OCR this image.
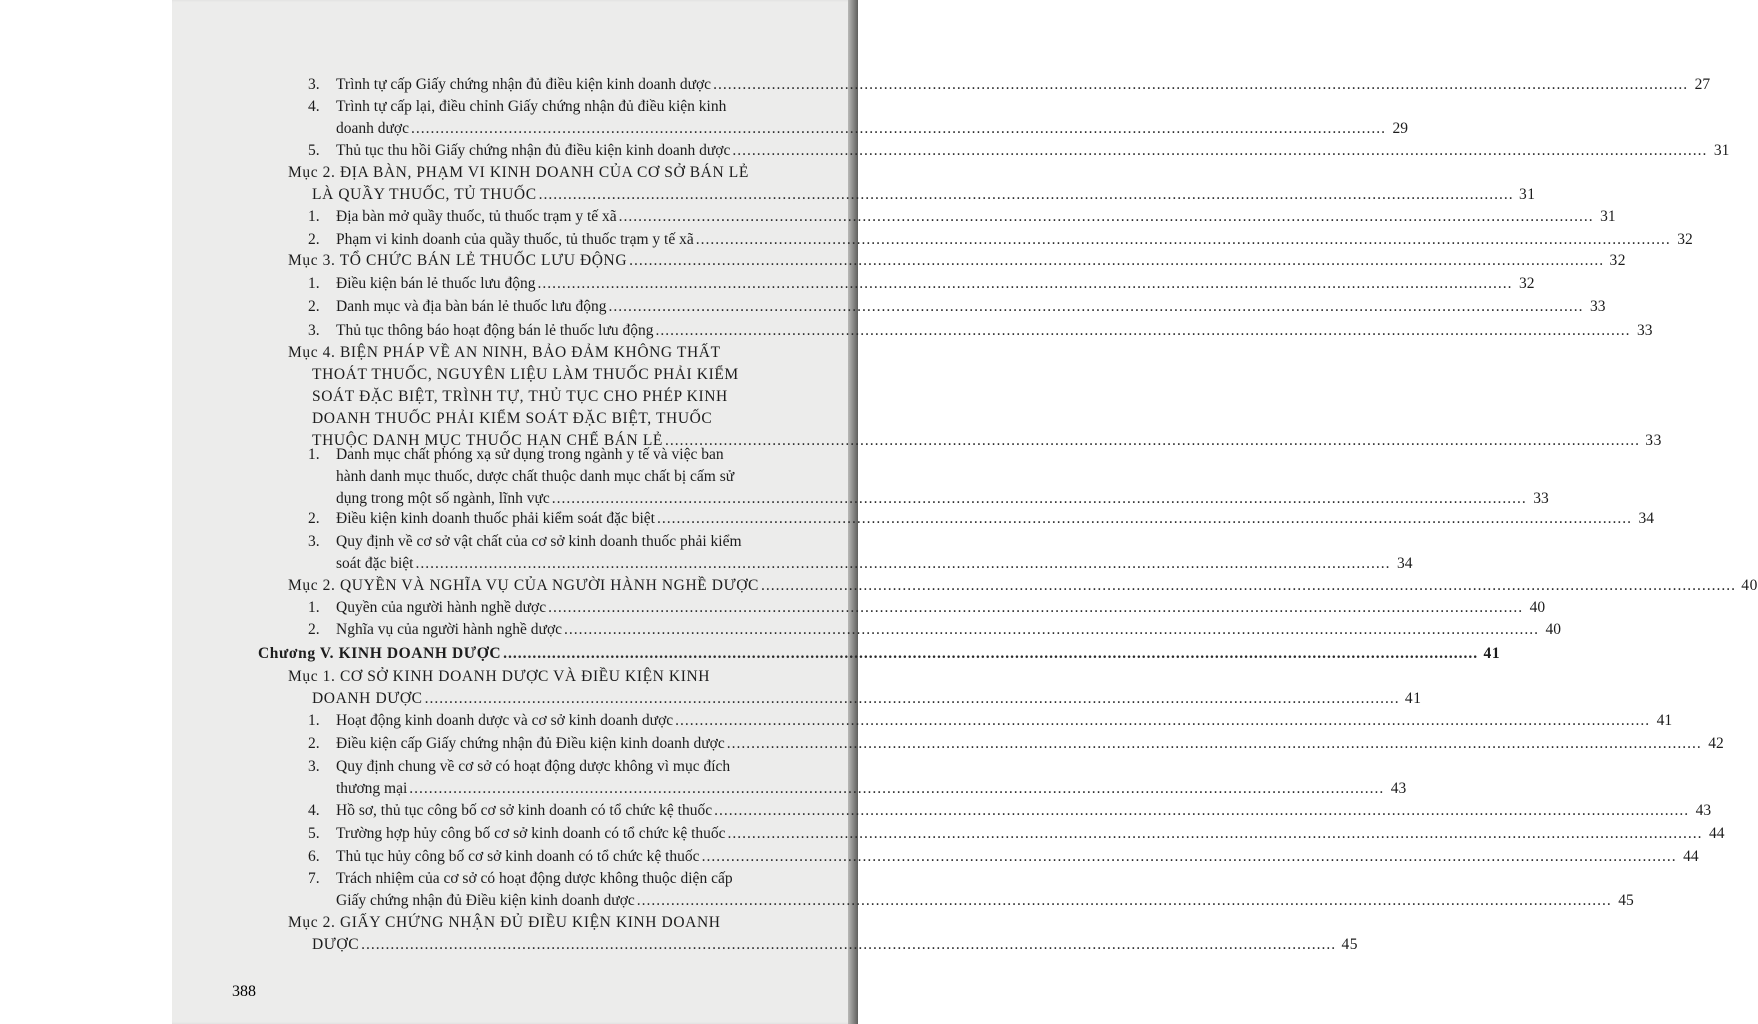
3.	Trình tự cấp Giấy chứng nhận đủ điều kiện kinh doanh dược ........................................................................................................................................................................................................ 27
4.	Trình tự cấp lại, điều chỉnh Giấy chứng nhận đủ điều kiện kinh
doanh dược ........................................................................................................................................................................................................ 29
5.	Thủ tục thu hồi Giấy chứng nhận đủ điều kiện kinh doanh dược ........................................................................................................................................................................................................ 31
Mục 2. ĐỊA BÀN, PHẠM VI KINH DOANH CỦA CƠ SỞ BÁN LẺ
LÀ QUẦY THUỐC, TỦ THUỐC ........................................................................................................................................................................................................ 31
1.	Địa bàn mở quầy thuốc, tủ thuốc trạm y tế xã ........................................................................................................................................................................................................ 31
2.	Phạm vi kinh doanh của quầy thuốc, tủ thuốc trạm y tế xã ........................................................................................................................................................................................................ 32
Mục 3. TỔ CHỨC BÁN LẺ THUỐC LƯU ĐỘNG ........................................................................................................................................................................................................ 32
1.	Điều kiện bán lẻ thuốc lưu động ........................................................................................................................................................................................................ 32
2.	Danh mục và địa bàn bán lẻ thuốc lưu động ........................................................................................................................................................................................................ 33
3.	Thủ tục thông báo hoạt động bán lẻ thuốc lưu động ........................................................................................................................................................................................................ 33
Mục 4. BIỆN PHÁP VỀ AN NINH, BẢO ĐẢM KHÔNG THẤT
THOÁT THUỐC, NGUYÊN LIỆU LÀM THUỐC PHẢI KIỂM
SOÁT ĐẶC BIỆT, TRÌNH TỰ, THỦ TỤC CHO PHÉP KINH
DOANH THUỐC PHẢI KIỂM SOÁT ĐẶC BIỆT, THUỐC
THUỘC DANH MỤC THUỐC HẠN CHẾ BÁN LẺ ........................................................................................................................................................................................................ 33
1.	Danh mục chất phóng xạ sử dụng trong ngành y tế và việc ban
hành danh mục thuốc, dược chất thuộc danh mục chất bị cấm sử
dụng trong một số ngành, lĩnh vực ........................................................................................................................................................................................................ 33
2.	Điều kiện kinh doanh thuốc phải kiểm soát đặc biệt ........................................................................................................................................................................................................ 34
3.	Quy định về cơ sở vật chất của cơ sở kinh doanh thuốc phải kiểm
soát đặc biệt ........................................................................................................................................................................................................ 34
Mục 2. QUYỀN VÀ NGHĨA VỤ CỦA NGƯỜI HÀNH NGHỀ DƯỢC ........................................................................................................................................................................................................ 40
1.	Quyền của người hành nghề dược ........................................................................................................................................................................................................ 40
2.	Nghĩa vụ của người hành nghề dược ........................................................................................................................................................................................................ 40
Chương V. KINH DOANH DƯỢC ........................................................................................................................................................................................................ 41
Mục 1. CƠ SỞ KINH DOANH DƯỢC VÀ ĐIỀU KIỆN KINH
DOANH DƯỢC ........................................................................................................................................................................................................ 41
1.	Hoạt động kinh doanh dược và cơ sở kinh doanh dược ........................................................................................................................................................................................................ 41
2.	Điều kiện cấp Giấy chứng nhận đủ Điều kiện kinh doanh dược ........................................................................................................................................................................................................ 42
3.	Quy định chung về cơ sở có hoạt động dược không vì mục đích
thương mại ........................................................................................................................................................................................................ 43
4.	Hồ sơ, thủ tục công bố cơ sở kinh doanh có tổ chức kệ thuốc ........................................................................................................................................................................................................ 43
5.	Trường hợp hủy công bố cơ sở kinh doanh có tổ chức kệ thuốc ........................................................................................................................................................................................................ 44
6.	Thủ tục hủy công bố cơ sở kinh doanh có tổ chức kệ thuốc ........................................................................................................................................................................................................ 44
7.	Trách nhiệm của cơ sở có hoạt động dược không thuộc diện cấp
Giấy chứng nhận đủ Điều kiện kinh doanh dược ........................................................................................................................................................................................................ 45
Mục 2. GIẤY CHỨNG NHẬN ĐỦ ĐIỀU KIỆN KINH DOANH
DƯỢC ........................................................................................................................................................................................................ 45
388
